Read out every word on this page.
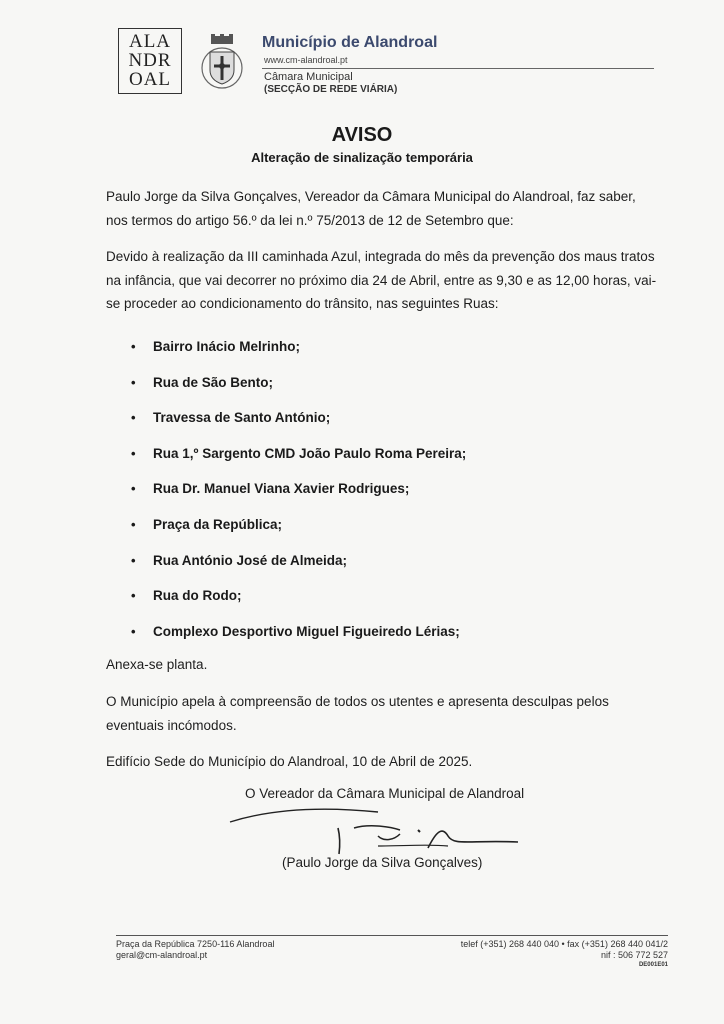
ALA
NDR
OAL
Município de Alandroal
www.cm-alandroal.pt
Câmara Municipal
(SECÇÃO DE REDE VIÁRIA)
AVISO
Alteração de sinalização temporária
Paulo Jorge da Silva Gonçalves, Vereador da Câmara Municipal do Alandroal, faz saber, nos termos do artigo 56.º da lei n.º 75/2013 de 12 de Setembro que:
Devido à realização da III caminhada Azul, integrada do mês da prevenção dos maus tratos na infância, que vai decorrer no próximo dia 24 de Abril, entre as 9,30 e as 12,00 horas, vai-se proceder ao condicionamento do trânsito, nas seguintes Ruas:
•	Bairro Inácio Melrinho;
•	Rua de São Bento;
•	Travessa de Santo António;
•	Rua 1,º Sargento CMD João Paulo Roma Pereira;
•	Rua Dr. Manuel Viana Xavier Rodrigues;
•	Praça da República;
•	Rua António José de Almeida;
•	Rua do Rodo;
•	Complexo Desportivo Miguel Figueiredo Lérias;
Anexa-se planta.
O Município apela à compreensão de todos os utentes e apresenta desculpas pelos eventuais incómodos.
Edifício Sede do Município do Alandroal, 10 de Abril de 2025.
O Vereador da Câmara Municipal de Alandroal
(Paulo Jorge da Silva Gonçalves)
Praça da República 7250-116 Alandroal
geral@cm-alandroal.pt
telef (+351) 268 440 040 • fax (+351) 268 440 041/2
nif : 506 772 527
DE001E01
